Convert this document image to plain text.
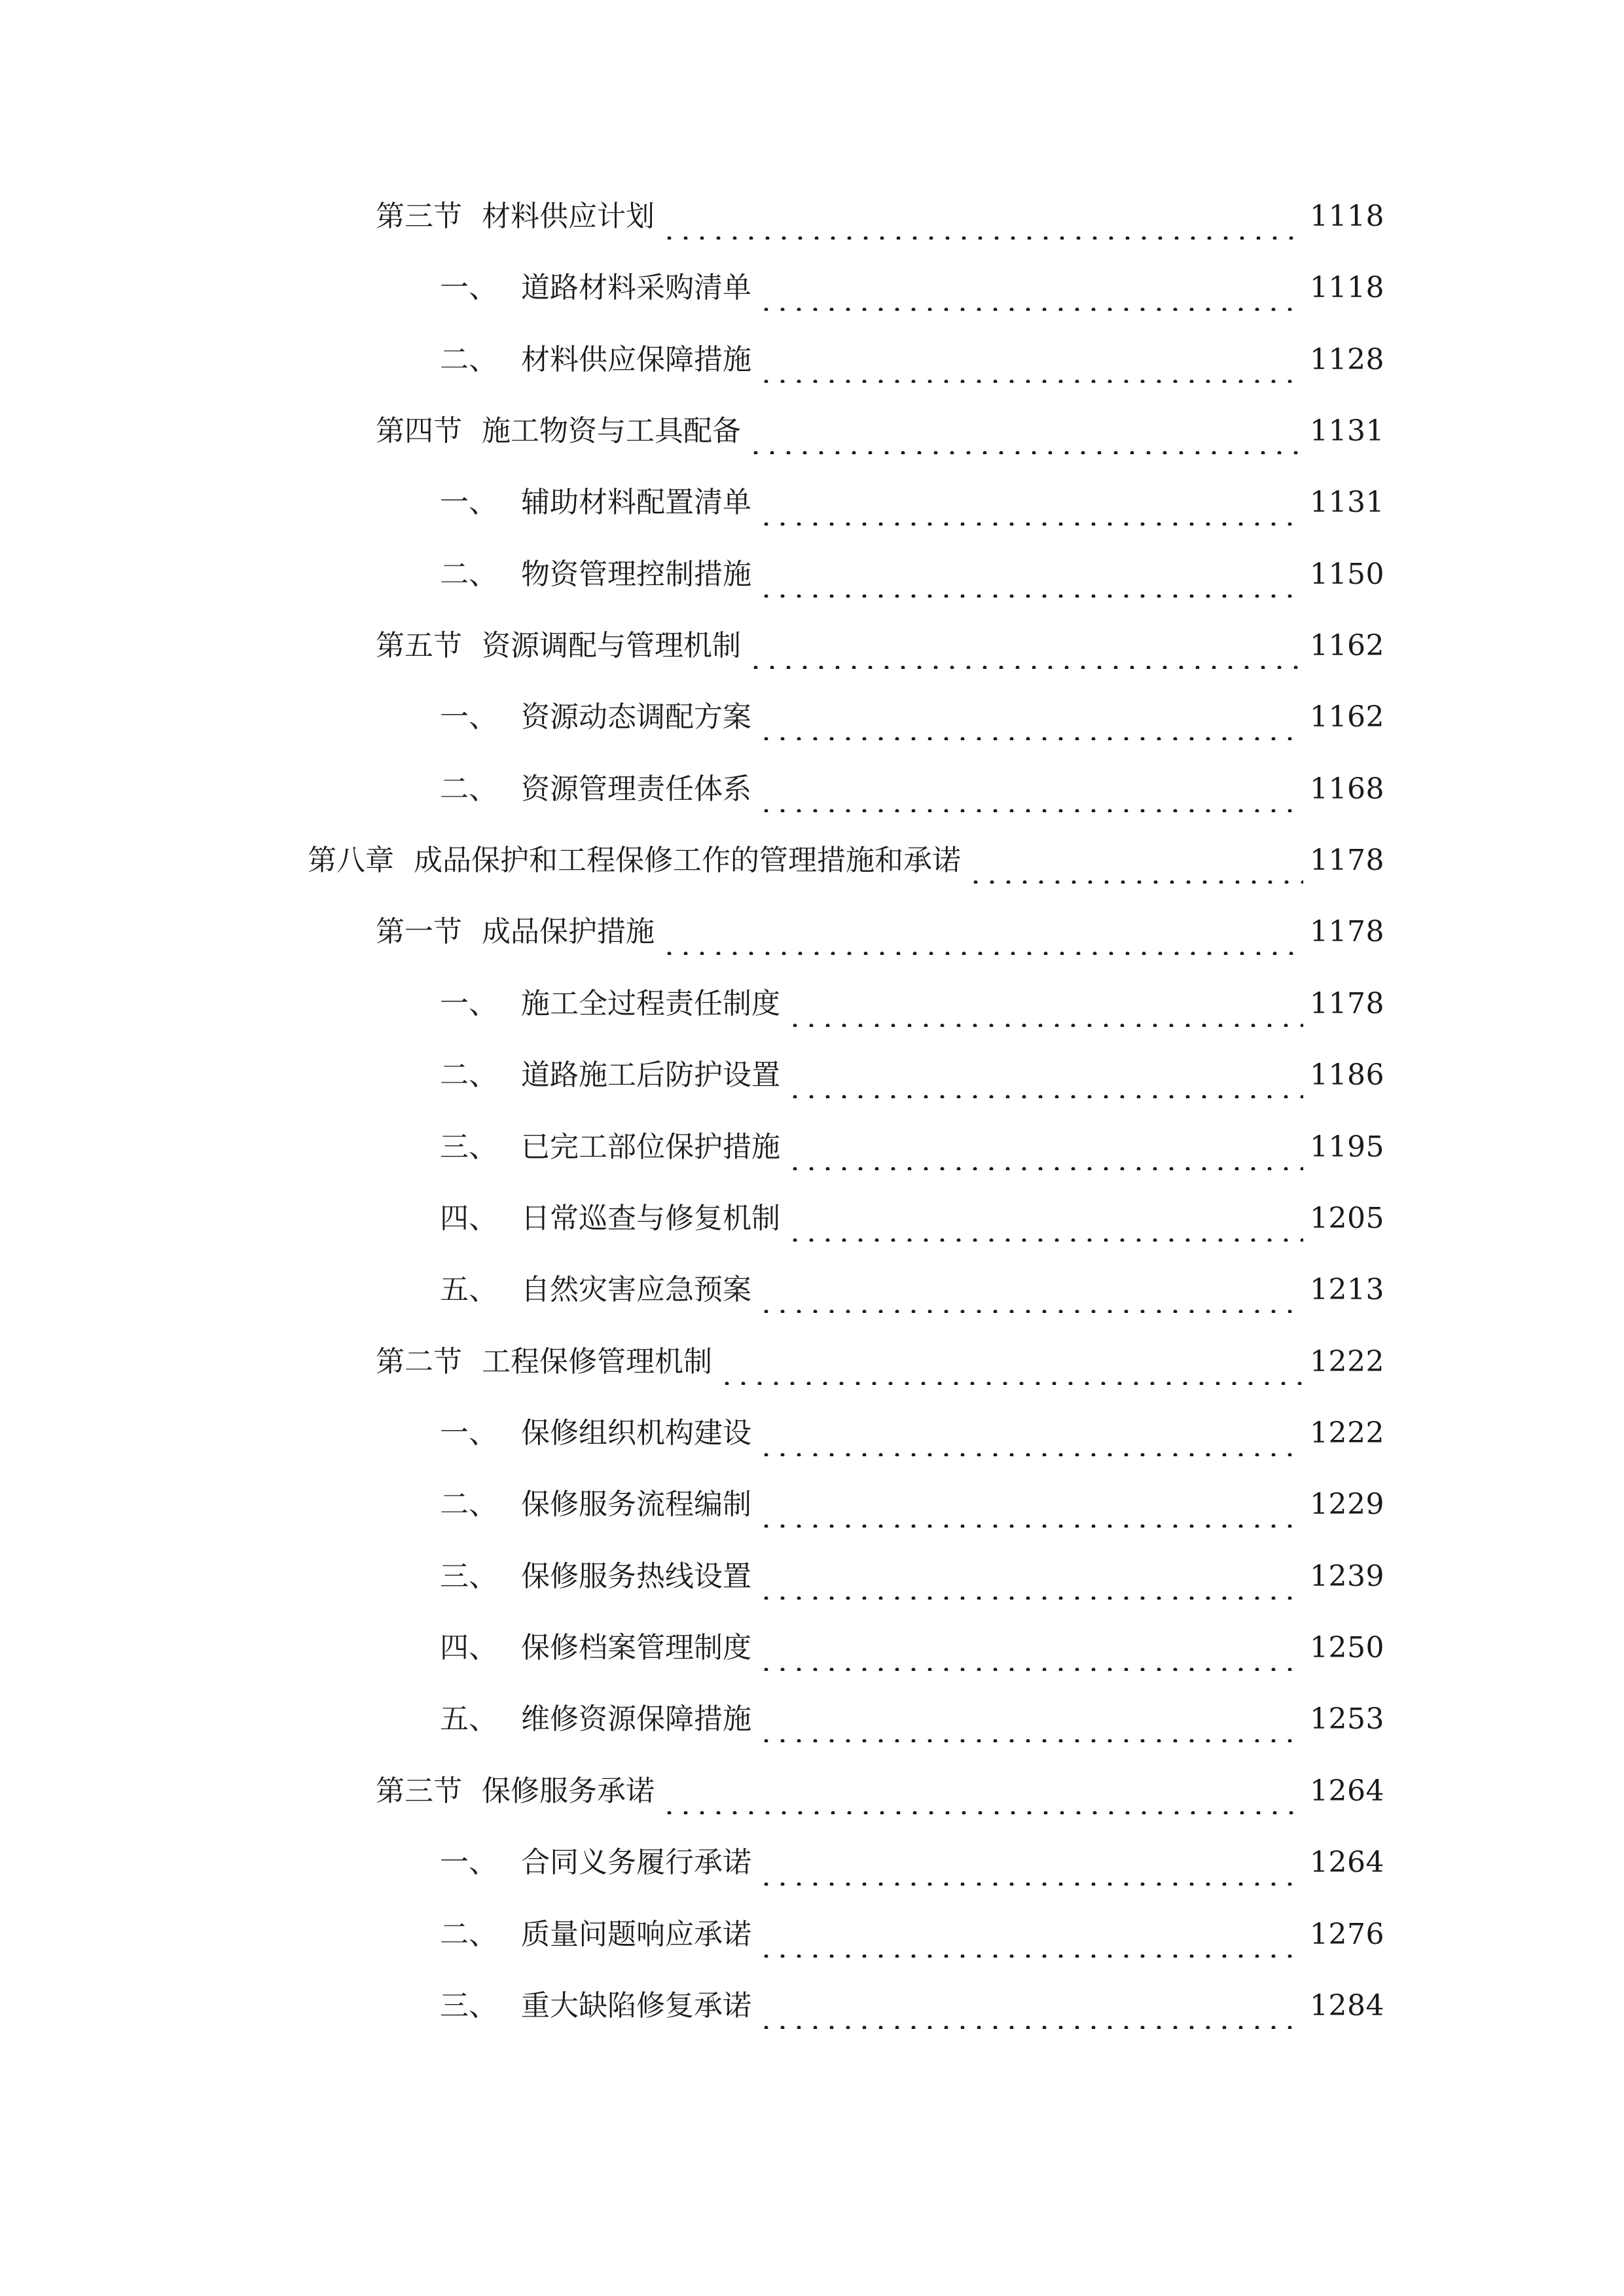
第三节 材料供应计划	1118
一、 道路材料采购清单	1118
二、 材料供应保障措施	1128
第四节 施工物资与工具配备	1131
一、 辅助材料配置清单	1131
二、 物资管理控制措施	1150
第五节 资源调配与管理机制	1162
一、 资源动态调配方案	1162
二、 资源管理责任体系	1168
第八章 成品保护和工程保修工作的管理措施和承诺	1178
第一节 成品保护措施	1178
一、 施工全过程责任制度	1178
二、 道路施工后防护设置	1186
三、 已完工部位保护措施	1195
四、 日常巡查与修复机制	1205
五、 自然灾害应急预案	1213
第二节 工程保修管理机制	1222
一、 保修组织机构建设	1222
二、 保修服务流程编制	1229
三、 保修服务热线设置	1239
四、 保修档案管理制度	1250
五、 维修资源保障措施	1253
第三节 保修服务承诺	1264
一、 合同义务履行承诺	1264
二、 质量问题响应承诺	1276
三、 重大缺陷修复承诺	1284
